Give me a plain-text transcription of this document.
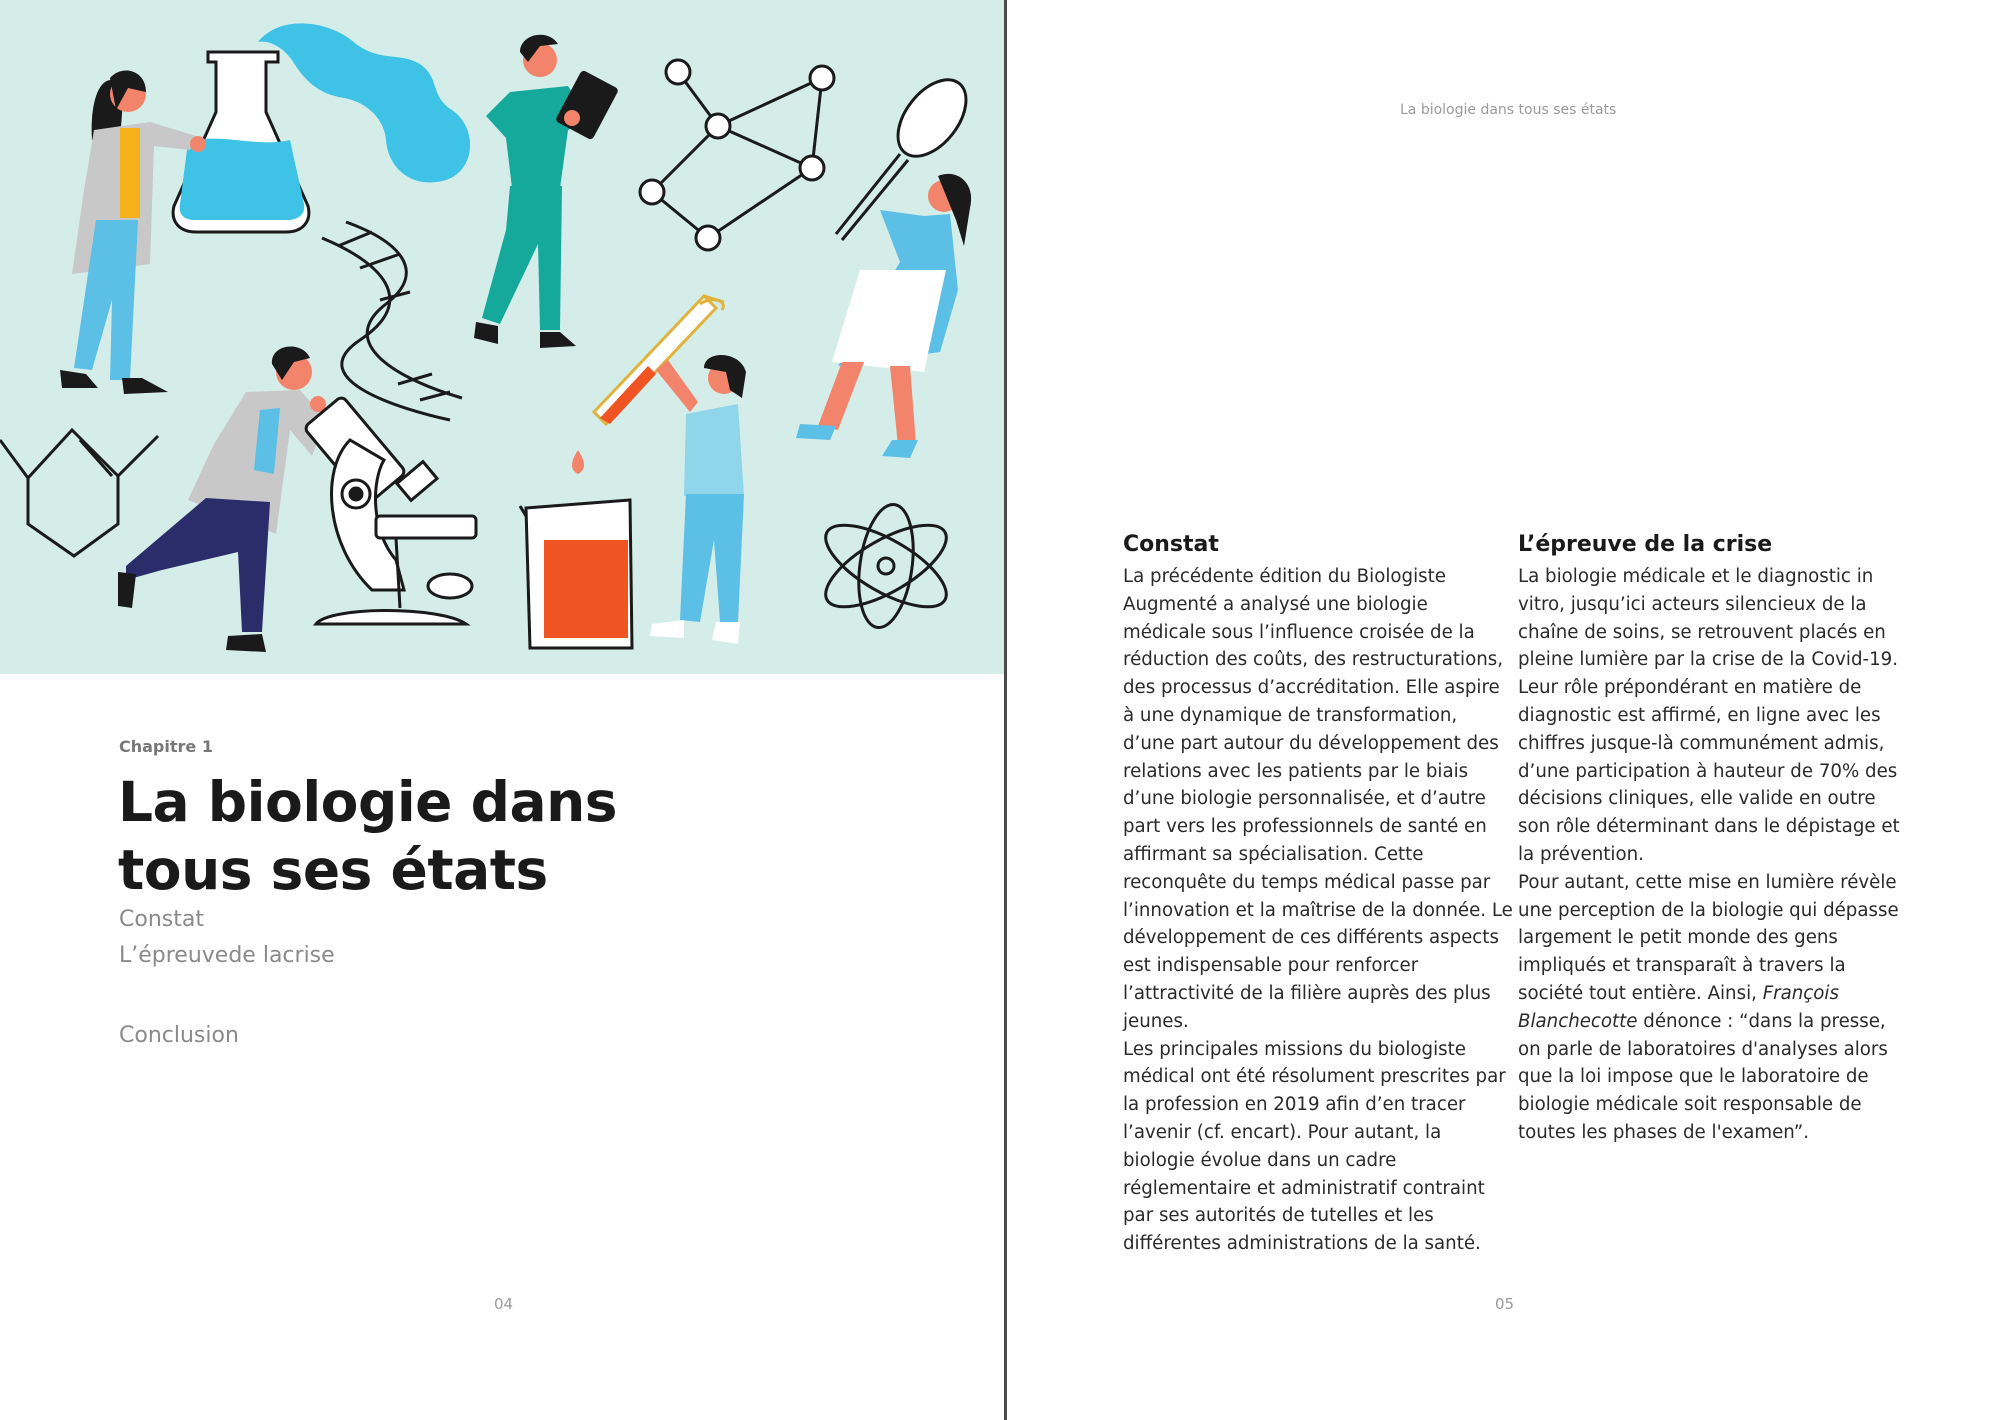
Chapitre 1
La biologie dans
tous ses états
Constat
L’épreuvede lacrise
Conclusion
04
La biologie dans tous ses états
Constat

La précédente édition du Biologiste Augmenté a analysé une biologie médicale sous l’influence croisée de la réduction des coûts, des restructurations, des processus d’accréditation. Elle aspire à une dynamique de transformation, d’une part autour du développement des relations avec les patients par le biais d’une biologie personnalisée, et d’autre part vers les professionnels de santé en affirmant sa spécialisation. Cette reconquête du temps médical passe par l’innovation et la maîtrise de la donnée. Le développement de ces différents aspects est indispensable pour renforcer l’attractivité de la filière auprès des plus jeunes.

Les principales missions du biologiste médical ont été résolument prescrites par la profession en 2019 afin d’en tracer l’avenir (cf. encart). Pour autant, la biologie évolue dans un cadre réglementaire et administratif contraint par ses autorités de tutelles et les différentes administrations de la santé.

L’épreuve de la crise

La biologie médicale et le diagnostic in vitro, jusqu’ici acteurs silencieux de la chaîne de soins, se retrouvent placés en pleine lumière par la crise de la Covid-19. Leur rôle prépondérant en matière de diagnostic est affirmé, en ligne avec les chiffres jusque-là communément admis, d’une participation à hauteur de 70% des décisions cliniques, elle valide en outre son rôle déterminant dans le dépistage et la prévention.

Pour autant, cette mise en lumière révèle une perception de la biologie qui dépasse largement le petit monde des gens impliqués et transparaît à travers la société tout entière. Ainsi, François Blanchecotte dénonce : “dans la presse, on parle de laboratoires d'analyses alors que la loi impose que le laboratoire de biologie médicale soit responsable de toutes les phases de l'examen”.

05
